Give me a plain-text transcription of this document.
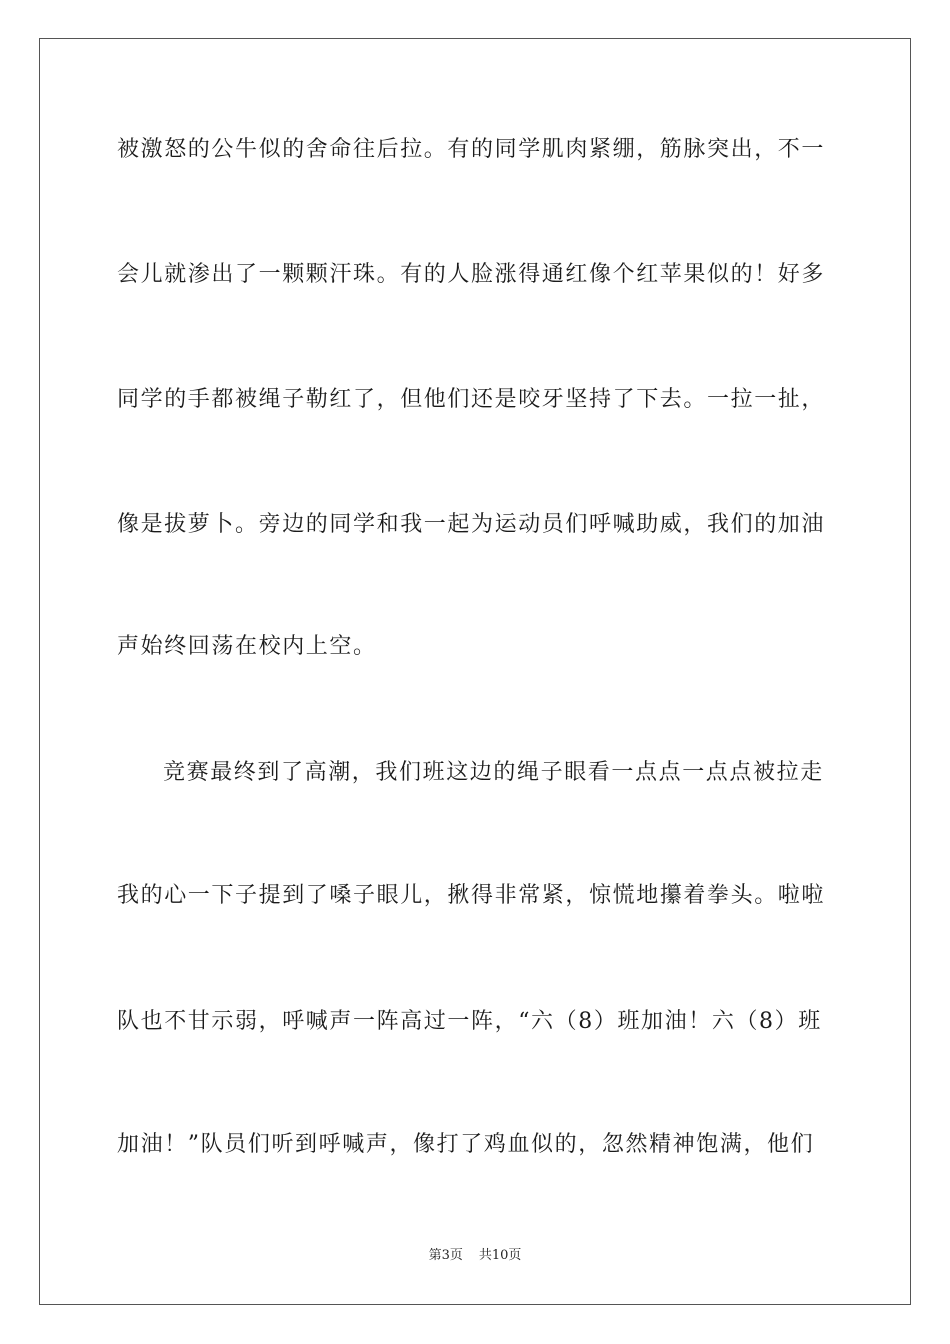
被激怒的公牛似的舍命往后拉。有的同学肌肉紧绷，筋脉突出，不一
会儿就渗出了一颗颗汗珠。有的人脸涨得通红像个红苹果似的！好多
同学的手都被绳子勒红了，但他们还是咬牙坚持了下去。一拉一扯，
像是拔萝卜。旁边的同学和我一起为运动员们呼喊助威，我们的加油
声始终回荡在校内上空。
竞赛最终到了高潮，我们班这边的绳子眼看一点点一点点被拉走
我的心一下子提到了嗓子眼儿，揪得非常紧，惊慌地攥着拳头。啦啦
队也不甘示弱，呼喊声一阵高过一阵，“六（8）班加油！六（8）班
加油！”队员们听到呼喊声，像打了鸡血似的，忽然精神饱满，他们
第3页 共10页
